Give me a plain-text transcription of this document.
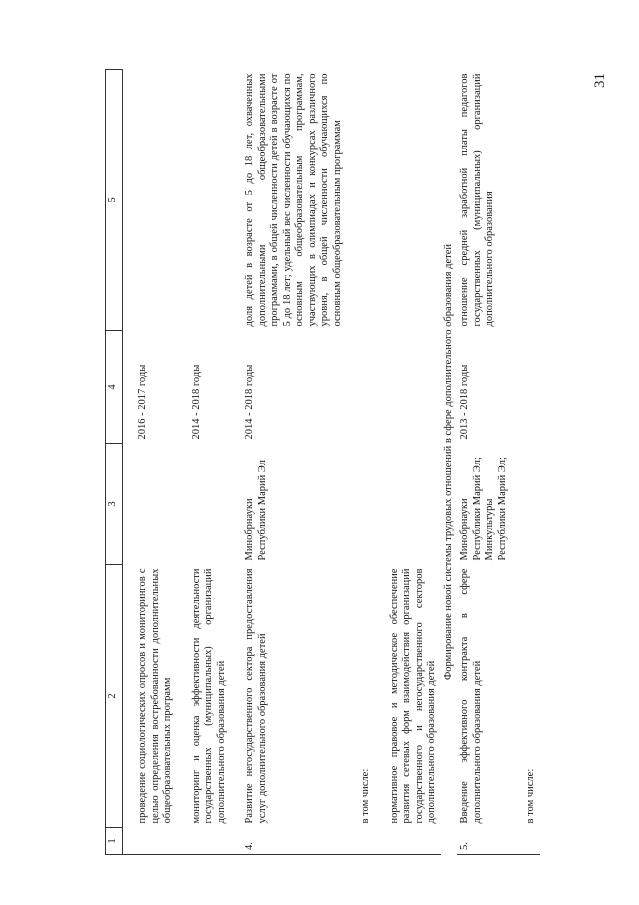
31
1	2	3	4	5

	проведение социологических опросов и мониторингов с целью определения востребованности дополнительных общеобразовательных программ		2016 - 2017 годы	

	мониторинг и оценка эффективности деятельности государственных (муниципальных) организаций дополнительного образования детей		2014 - 2018 годы	

4.	Развитие негосударственного сектора предоставления услуг дополнительного образования детей	Минобрнауки Республики Марий Эл	2014 - 2018 годы	доля детей в возрасте от 5 до 18 лет, охваченных дополнительными общеобразовательными программами, в общей численности детей в возрасте от 5 до 18 лет; удельный вес численности обучающихся по основным общеобразовательным программам, участвующих в олимпиадах и конкурсах различного уровня, в общей численности обучающихся по основным общеобразовательным программам

	в том числе:			

	нормативное правовое и методическое обеспечение развития сетевых форм взаимодействия организаций государственного и негосударственного секторов дополнительного образования детей			
Формирование новой системы трудовых отношений в сфере дополнительного образования детей				
5.	Введение эффективного контракта в сфере дополнительного образования детей	Минобрнауки Республики Марий Эл; Минкультуры Республики Марий Эл;	2013 - 2018 годы	отношение средней заработной платы педагогов государственных (муниципальных) организаций дополнительного образования

	в том числе:			
